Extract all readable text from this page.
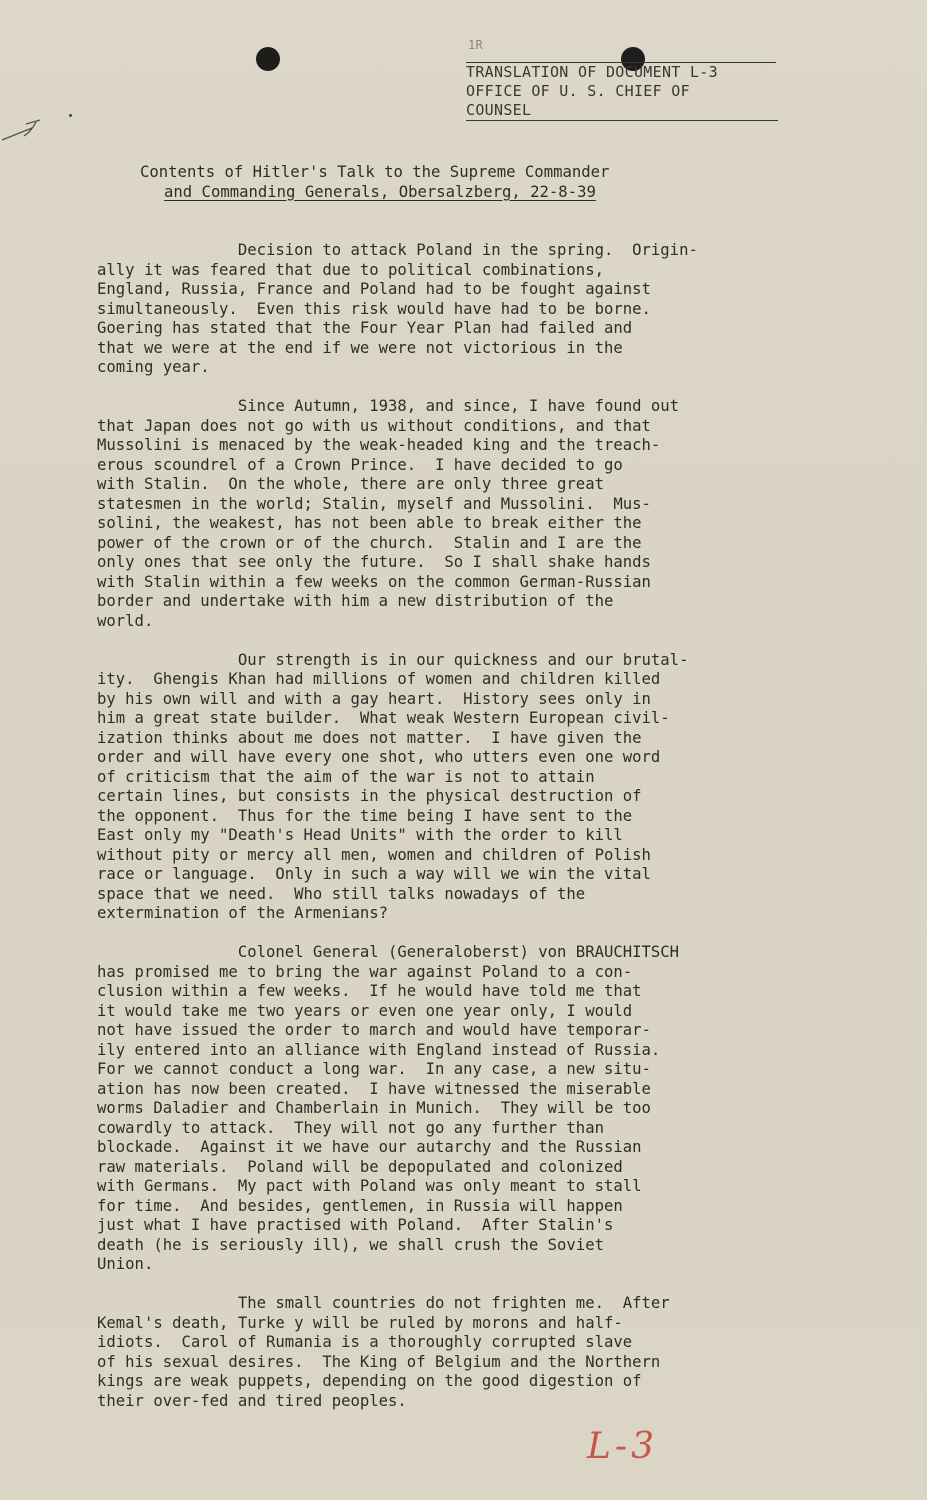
1R
TRANSLATION OF DOCUMENT L-3
OFFICE OF U. S. CHIEF OF
COUNSEL
Contents of Hitler's Talk to the Supreme Commander
and Commanding Generals, Obersalzberg, 22-8-39
Decision to attack Poland in the spring.  Origin-
ally it was feared that due to political combinations,
England, Russia, France and Poland had to be fought against
simultaneously.  Even this risk would have had to be borne.
Goering has stated that the Four Year Plan had failed and
that we were at the end if we were not victorious in the
coming year.
Since Autumn, 1938, and since, I have found out
that Japan does not go with us without conditions, and that
Mussolini is menaced by the weak-headed king and the treach-
erous scoundrel of a Crown Prince.  I have decided to go
with Stalin.  On the whole, there are only three great
statesmen in the world; Stalin, myself and Mussolini.  Mus-
solini, the weakest, has not been able to break either the
power of the crown or of the church.  Stalin and I are the
only ones that see only the future.  So I shall shake hands
with Stalin within a few weeks on the common German-Russian
border and undertake with him a new distribution of the
world.
Our strength is in our quickness and our brutal-
ity.  Ghengis Khan had millions of women and children killed
by his own will and with a gay heart.  History sees only in
him a great state builder.  What weak Western European civil-
ization thinks about me does not matter.  I have given the
order and will have every one shot, who utters even one word
of criticism that the aim of the war is not to attain
certain lines, but consists in the physical destruction of
the opponent.  Thus for the time being I have sent to the
East only my "Death's Head Units" with the order to kill
without pity or mercy all men, women and children of Polish
race or language.  Only in such a way will we win the vital
space that we need.  Who still talks nowadays of the
extermination of the Armenians?
Colonel General (Generaloberst) von BRAUCHITSCH
has promised me to bring the war against Poland to a con-
clusion within a few weeks.  If he would have told me that
it would take me two years or even one year only, I would
not have issued the order to march and would have temporar-
ily entered into an alliance with England instead of Russia.
For we cannot conduct a long war.  In any case, a new situ-
ation has now been created.  I have witnessed the miserable
worms Daladier and Chamberlain in Munich.  They will be too
cowardly to attack.  They will not go any further than
blockade.  Against it we have our autarchy and the Russian
raw materials.  Poland will be depopulated and colonized
with Germans.  My pact with Poland was only meant to stall
for time.  And besides, gentlemen, in Russia will happen
just what I have practised with Poland.  After Stalin's
death (he is seriously ill), we shall crush the Soviet
Union.
The small countries do not frighten me.  After
Kemal's death, Turke y will be ruled by morons and half-
idiots.  Carol of Rumania is a thoroughly corrupted slave
of his sexual desires.  The King of Belgium and the Northern
kings are weak puppets, depending on the good digestion of
their over-fed and tired peoples.
L-3
